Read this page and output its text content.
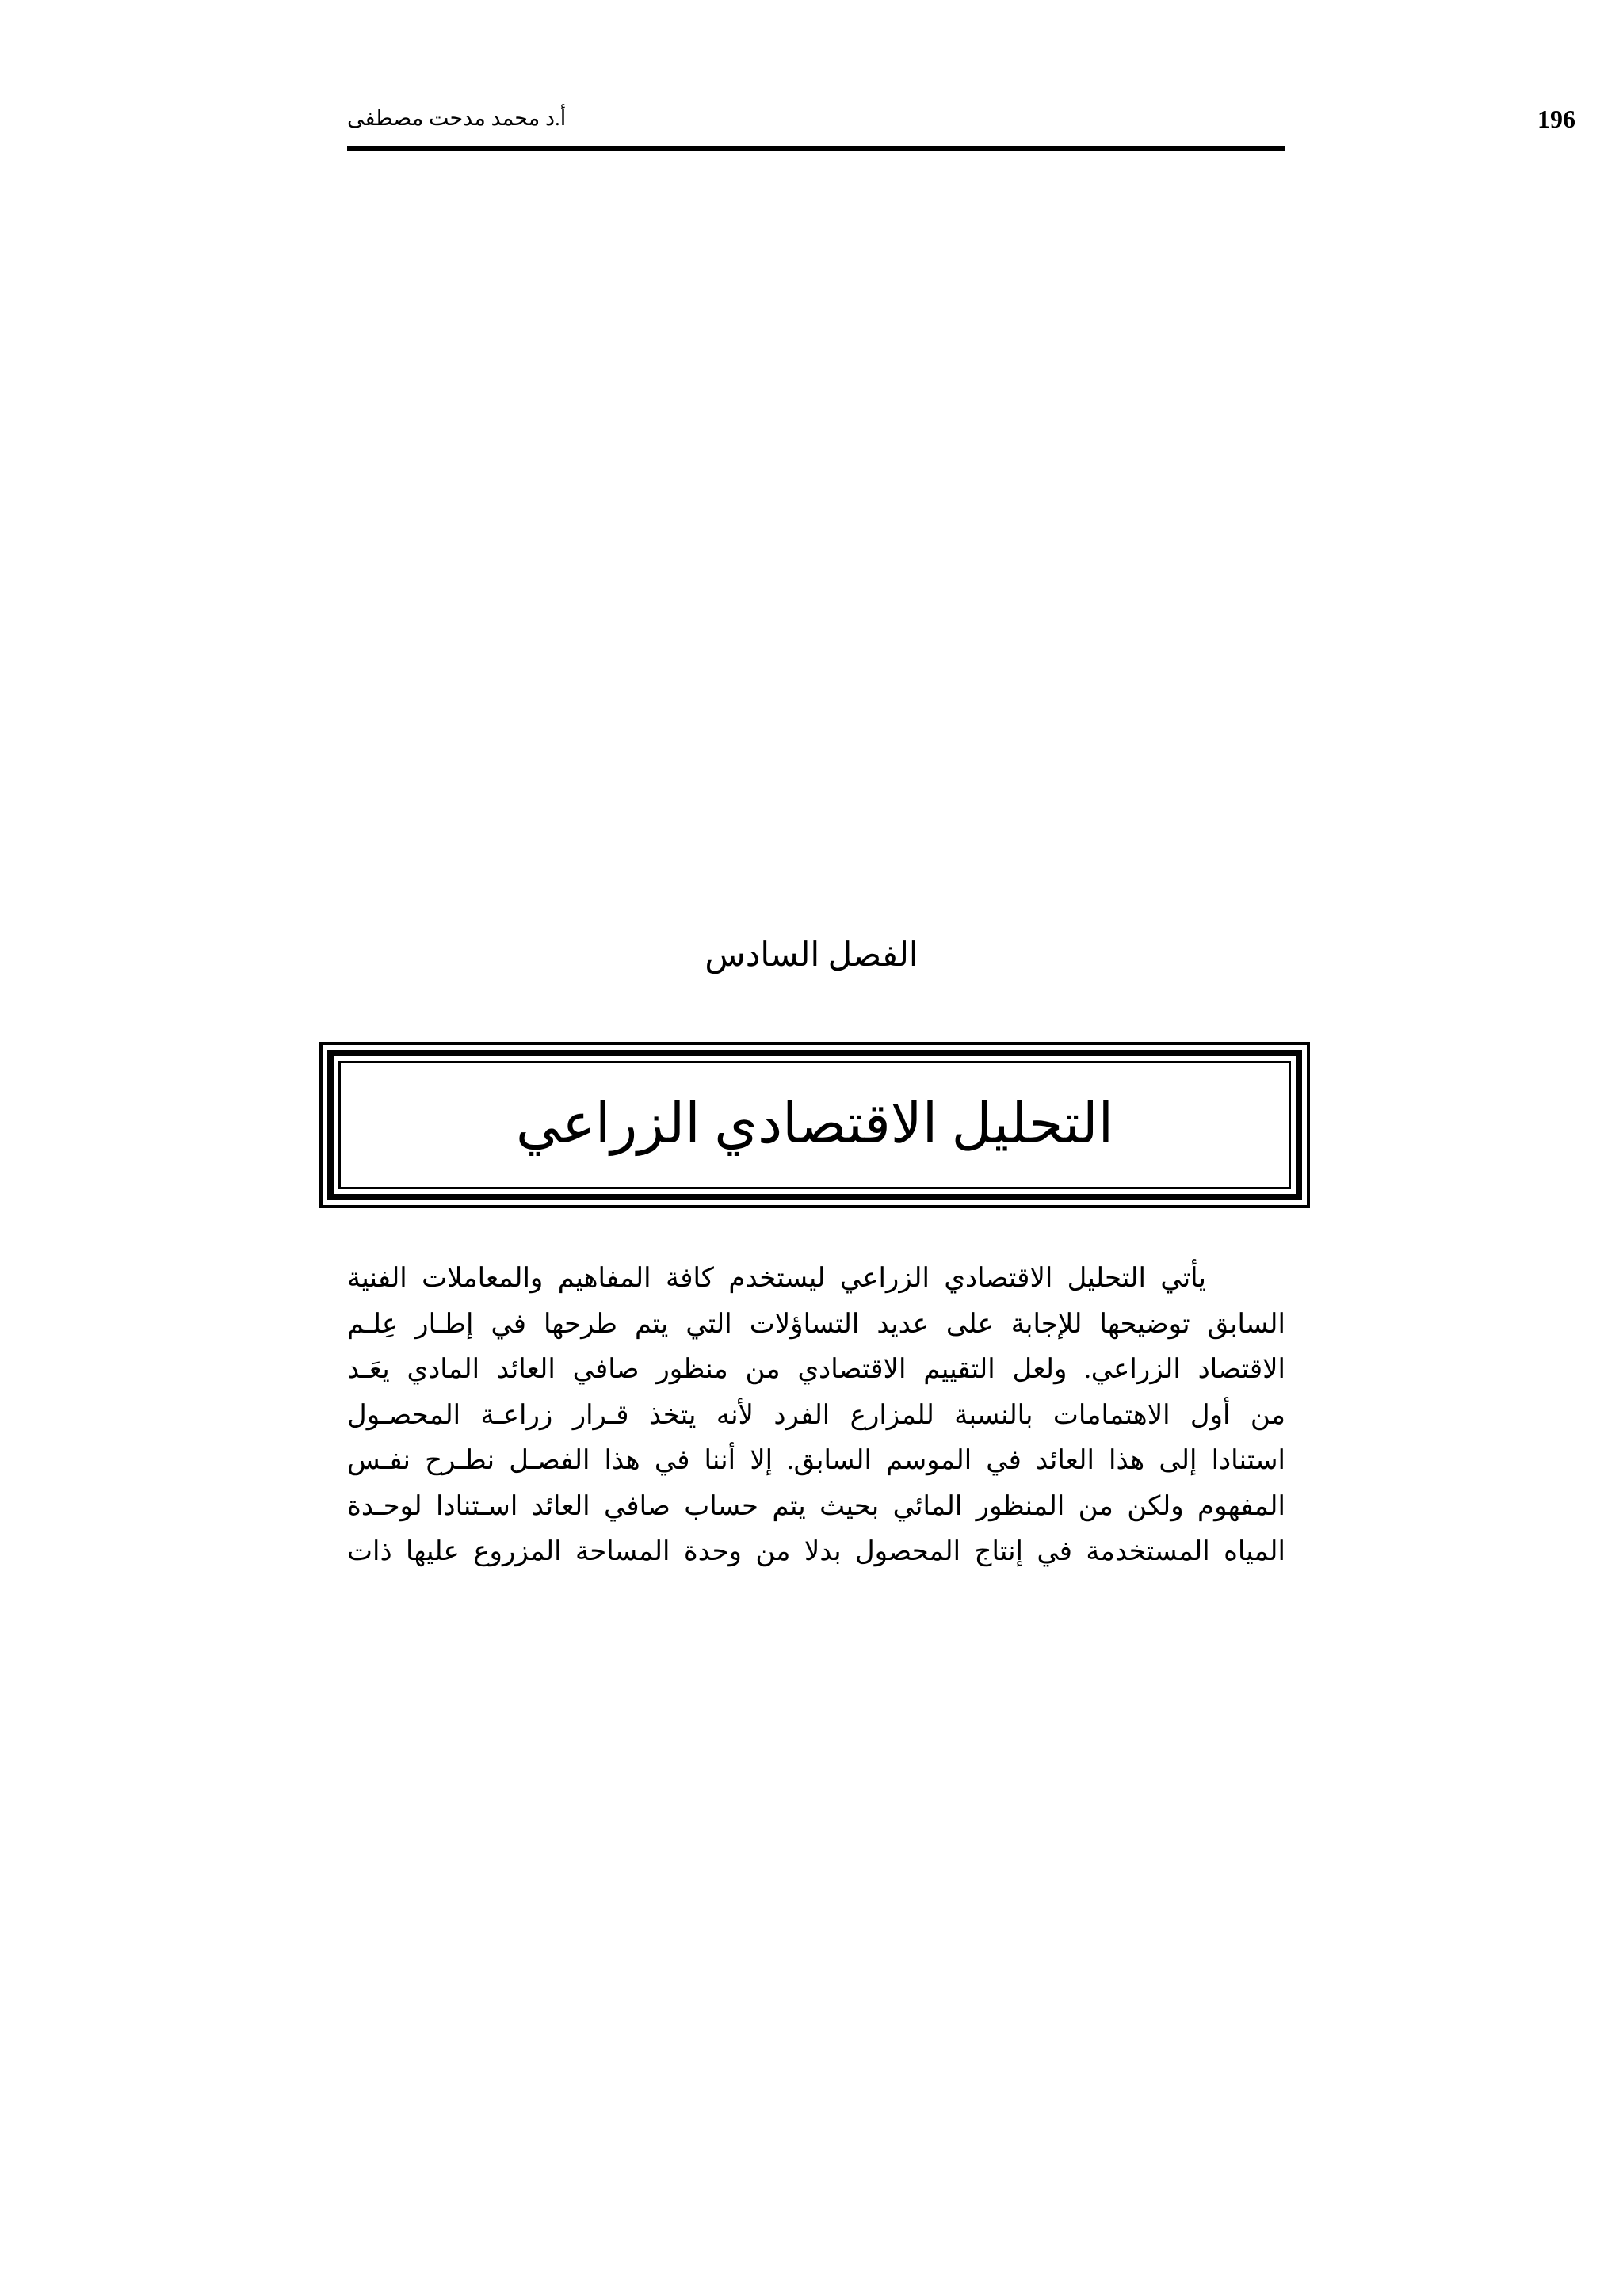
196
أ.د محمد مدحت مصطفى
الفصل السادس
التحليل الاقتصادي الزراعي
يأتي التحليل الاقتصادي الزراعي ليستخدم كافة المفاهيم والمعاملات الفنية
السابق توضيحها للإجابة على عديد التساؤلات التي يتم طرحها في إطـار عِلـم
الاقتصاد الزراعي. ولعل التقييم الاقتصادي من منظور صافي العائد المادي يعَـد
من أول الاهتمامات بالنسبة للمزارع الفرد لأنه يتخذ قـرار زراعـة المحصـول
استنادا إلى هذا العائد في الموسم السابق. إلا أننا في هذا الفصـل نطـرح نفـس
المفهوم ولكن من المنظور المائي بحيث يتم حساب صافي العائد اسـتنادا لوحـدة
المياه المستخدمة في إنتاج المحصول بدلا من وحدة المساحة المزروع عليها ذات
